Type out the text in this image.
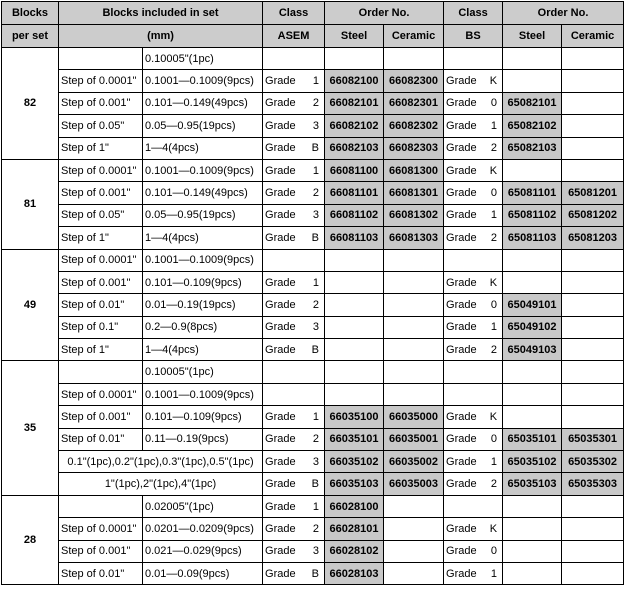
Blocks	Blocks included in set		Class	Order No.		Class	Order No.	
per set	(mm)		ASEM	Steel	Ceramic	BS	Steel	Ceramic
82		0.10005"(1pc)						
	Step of 0.0001"	0.1001—0.1009(9pcs)	Grade 1	66082100	66082300	Grade K		

	Step of 0.001"	0.101—0.149(49pcs)	Grade 2	66082101	66082301	Grade 0	65082101	
	Step of 0.05"	0.05—0.95(19pcs)	Grade 3	66082102	66082302	Grade 1	65082102	
	Step of 1"	1—4(4pcs)	Grade B	66082103	66082303	Grade 2	65082103	
81	Step of 0.0001"	0.1001—0.1009(9pcs)	Grade 1	66081100	66081300	Grade K		

	Step of 0.001"	0.101—0.149(49pcs)	Grade 2	66081101	66081301	Grade 0	65081101	65081201
	Step of 0.05"	0.05—0.95(19pcs)	Grade 3	66081102	66081302	Grade 1	65081102	65081202
	Step of 1"	1—4(4pcs)	Grade B	66081103	66081303	Grade 2	65081103	65081203
49	Step of 0.0001"	0.1001—0.1009(9pcs)						
	Step of 0.001"	0.101—0.109(9pcs)	Grade 1			Grade K		

	Step of 0.01"	0.01—0.19(19pcs)	Grade 2			Grade 0	65049101	
	Step of 0.1"	0.2—0.9(8pcs)	Grade 3			Grade 1	65049102	
	Step of 1"	1—4(4pcs)	Grade B			Grade 2	65049103	
35		0.10005"(1pc)						
	Step of 0.0001"	0.1001—0.1009(9pcs)						
	Step of 0.001"	0.101—0.109(9pcs)	Grade 1	66035100	66035000	Grade K		

	Step of 0.01"	0.11—0.19(9pcs)	Grade 2	66035101	66035001	Grade 0	65035101	65035301
	0.1"(1pc),0.2"(1pc),0.3"(1pc),0.5"(1pc)		Grade 3	66035102	66035002	Grade 1	65035102	65035302
	1"(1pc),2"(1pc),4"(1pc)		Grade B	66035103	66035003	Grade 2	65035103	65035303
28		0.02005"(1pc)	Grade 1	66028100				
	Step of 0.0001"	0.0201—0.0209(9pcs)	Grade 2	66028101		Grade K		

	Step of 0.001"	0.021—0.029(9pcs)	Grade 3	66028102		Grade 0		

	Step of 0.01"	0.01—0.09(9pcs)	Grade B	66028103		Grade 1		
